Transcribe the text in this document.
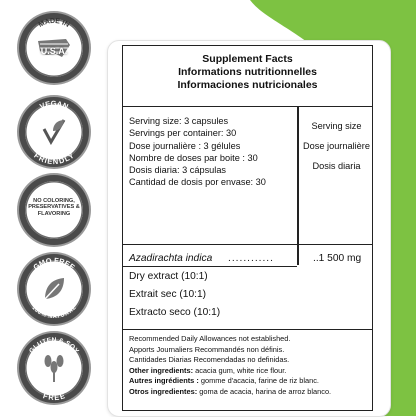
MADE IN
U.S.A.
VEGAN
FRIENDLY
NO COLORING, PRESERVATIVES & FLAVORING
GMO FREE
100% NATURAL
GLUTEN & SOY
FREE
Supplement Facts
Informations nutritionnelles
Informaciones nutricionales
Serving size: 3 capsules
Servings per container: 30
Dose journalière : 3 gélules
Nombre de doses par boite : 30
Dosis diaria: 3 cápsulas
Cantidad de dosis por envase: 30
Serving size
Dose journalière
Dosis diaria
Azadirachta indica ............	..1 500 mg
Dry extract (10:1)
Extrait sec (10:1)
Extracto seco (10:1)
Recommended Daily Allowances not established.
Apports Journaliers Recommandés non définis.
Cantidades Diarias Recomendadas no definidas.
Other ingredients: acacia gum, white rice flour.
Autres ingrédients : gomme d'acacia, farine de riz blanc.
Otros ingredientes: goma de acacia, harina de arroz blanco.
